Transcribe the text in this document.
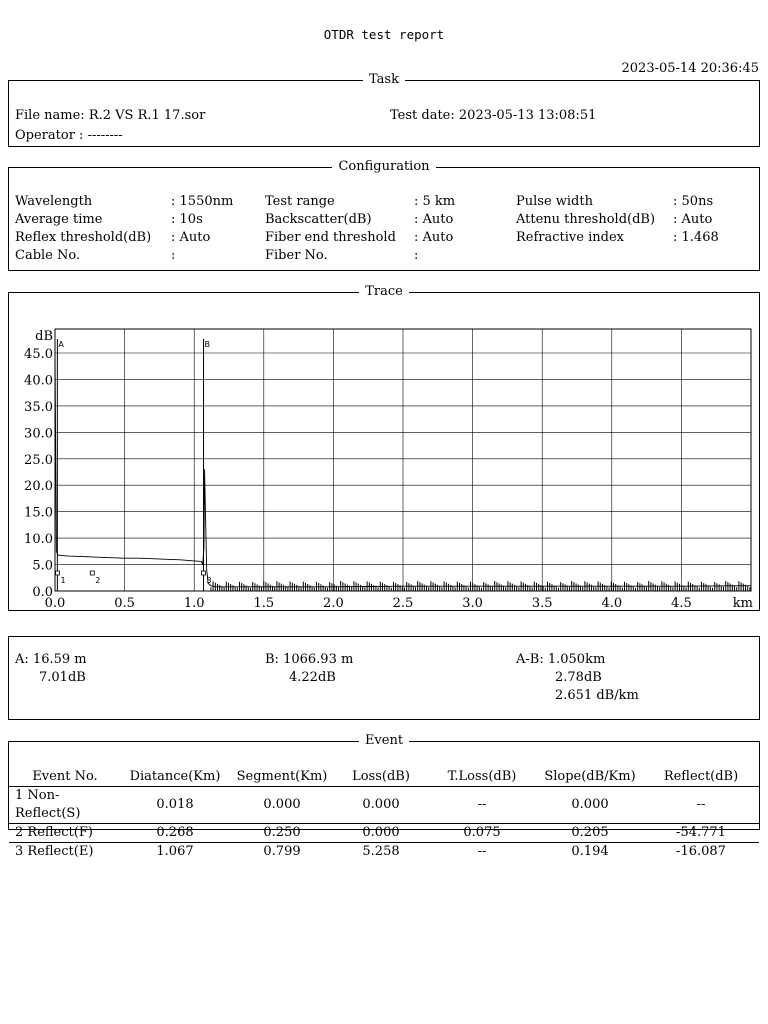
OTDR test report
2023-05-14 20:36:45
Task
File name: R.2 VS R.1 17.sor	Test date: 2023-05-13 13:08:51
Operator : --------
Configuration
Wavelength	: 1550nm Test range	: 5 km	Pulse width	: 50ns
Average time	: 10s	Backscatter(dB)	: Auto	Attenu threshold(dB) : Auto
Reflex threshold(dB) : Auto	Fiber end threshold : Auto	Refractive index	: 1.468
Cable No.	:	Fiber No.	:
Trace
0.0	0.5	1.0	1.5	2.0	2.5	3.0	3.5	4.0	4.5	km
0.0
5.0
10.0
15.0
20.0
25.0
30.0
35.0
40.0
45.0
dB
A	B
1	2	3
A: 16.59 m
7.01dB
B: 1066.93 m
4.22dB
A-B: 1.050km
2.78dB
2.651 dB/km
Event
Event No.	Diatance(Km)	Segment(Km)	Loss(dB)	T.Loss(dB)	Slope(dB/Km)	Reflect(dB)
1 Non-Reflect(S)	0.018	0.000	0.000	--	0.000	--
2 Reflect(F)	0.268	0.250	0.000	0.075	0.205	-54.771
3 Reflect(E)	1.067	0.799	5.258	--	0.194	-16.087
